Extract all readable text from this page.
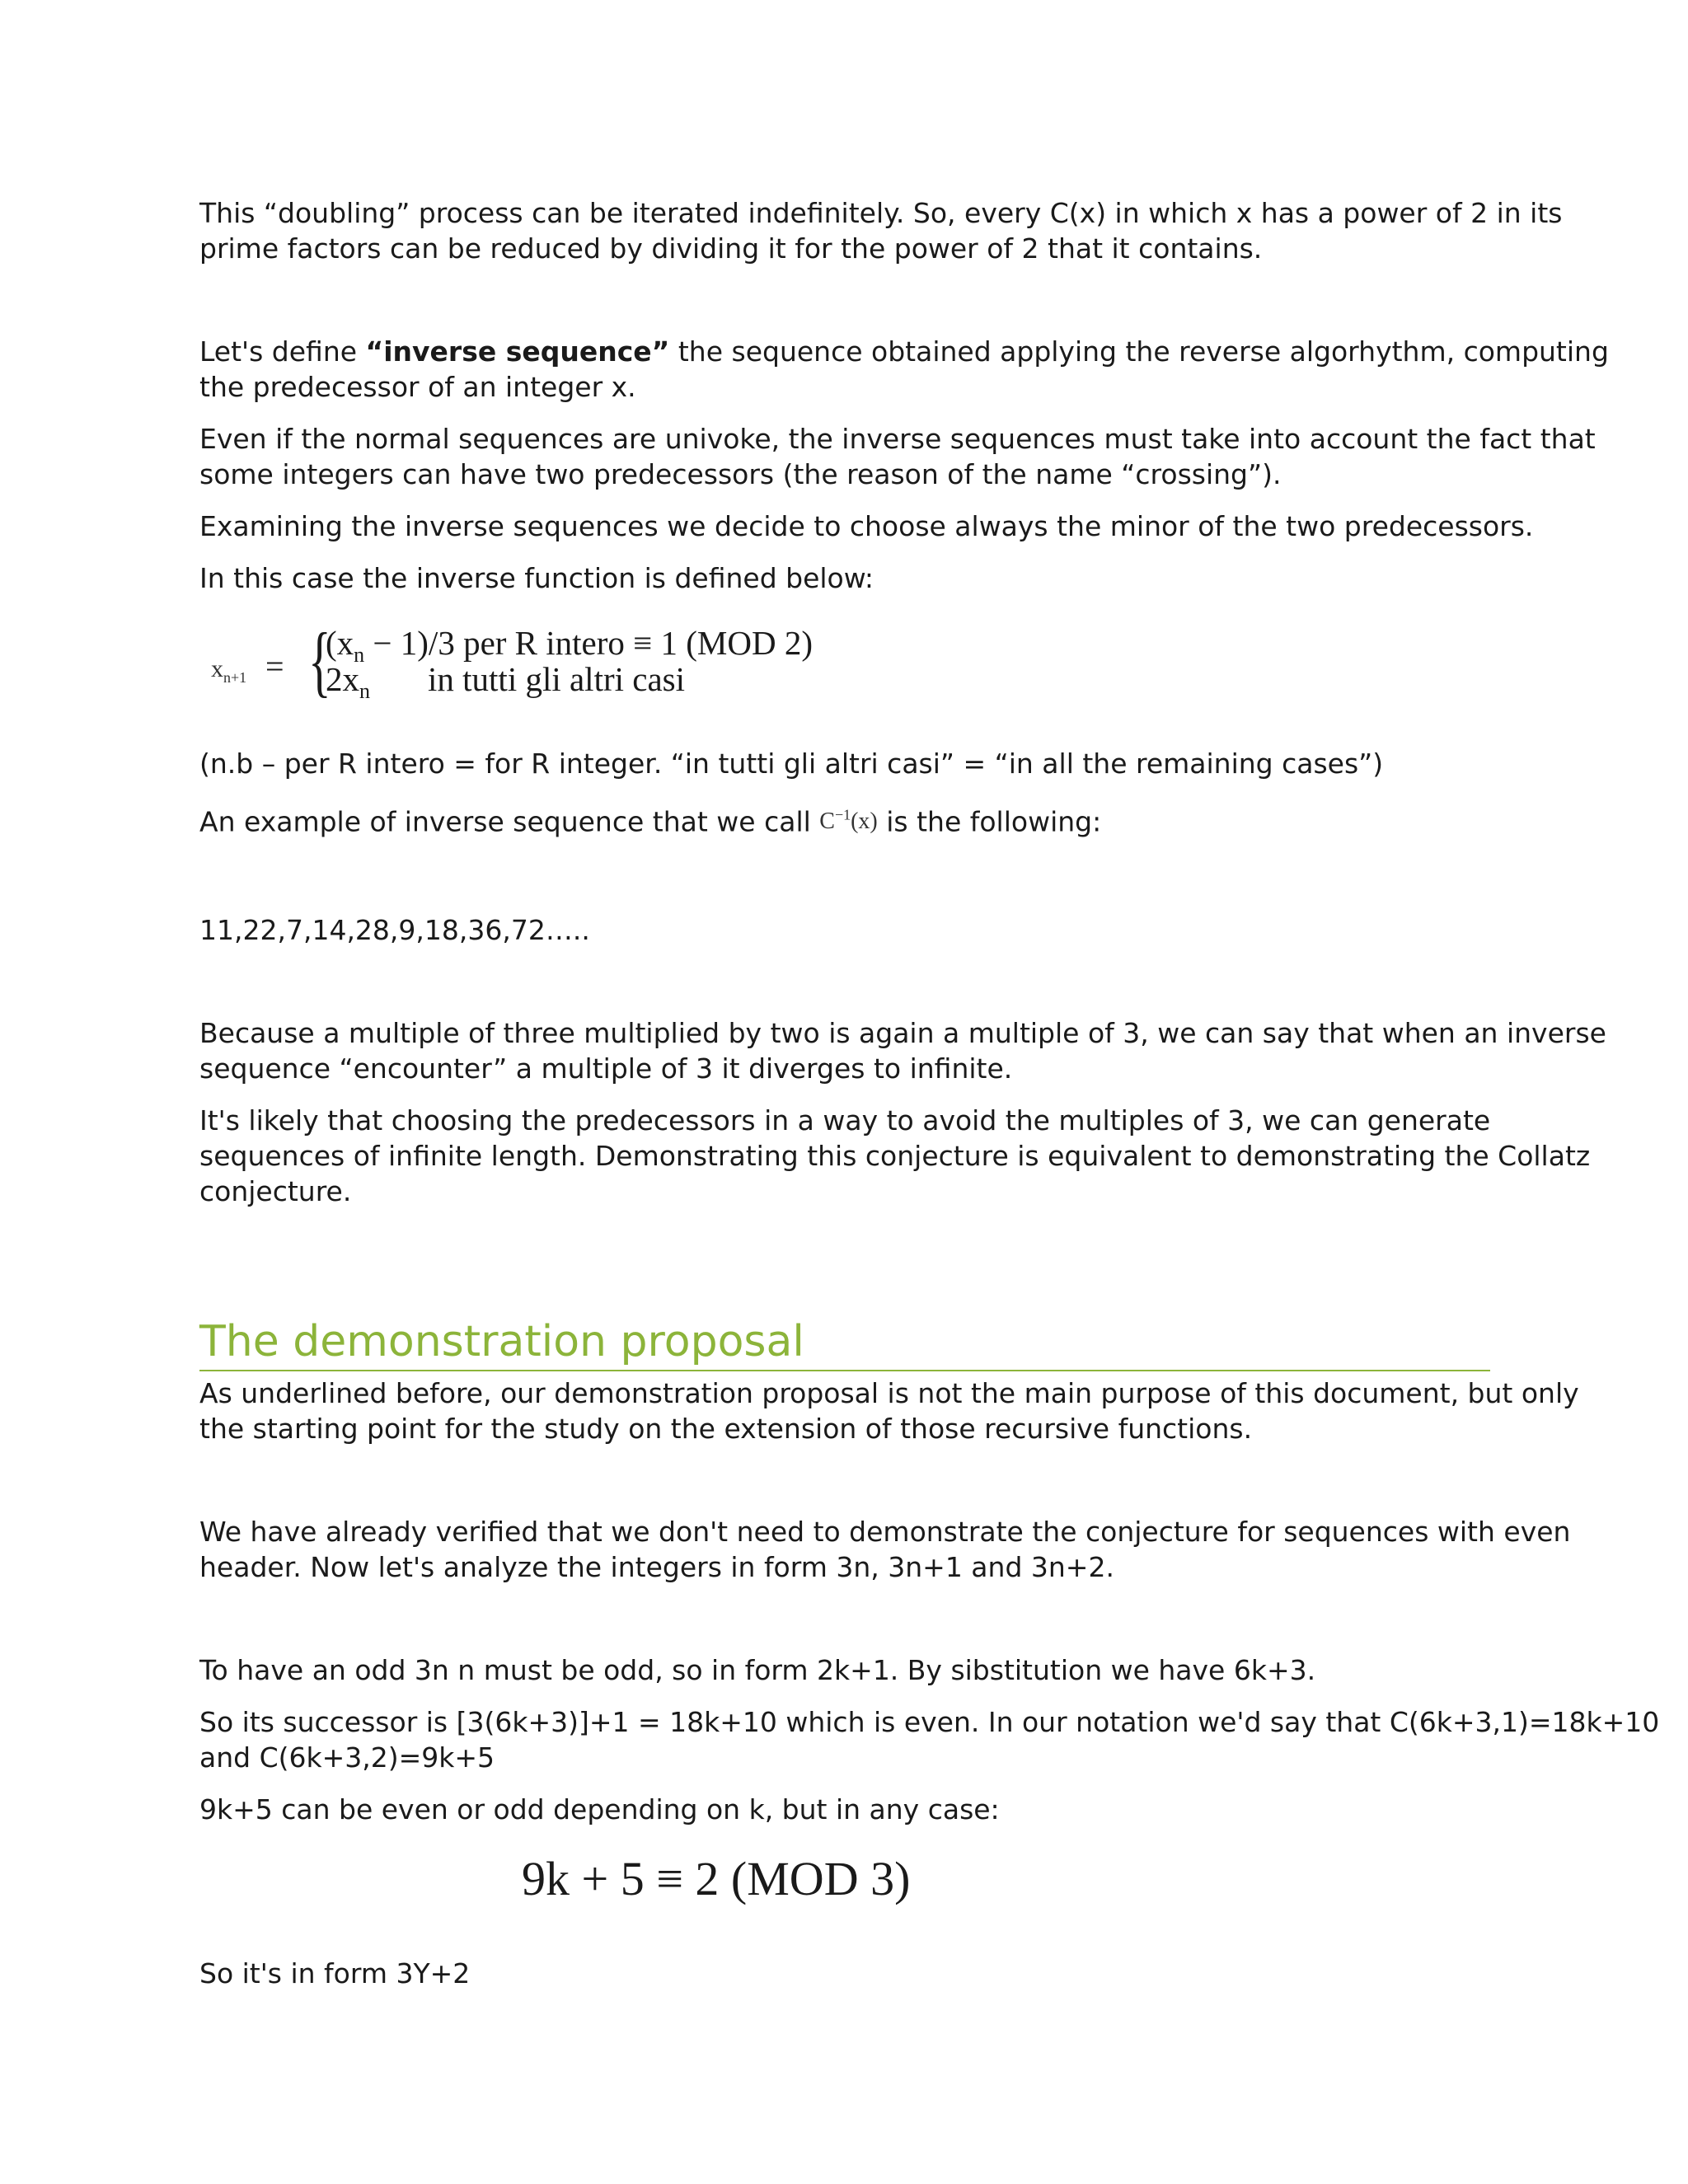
This “doubling” process can be iterated indefinitely. So, every C(x) in which x has a power of 2 in its

prime factors can be reduced by dividing it for the power of 2 that it contains.

Let's define “inverse sequence” the sequence obtained applying the reverse algorhythm, computing

the predecessor of an integer x.

Even if the normal sequences are univoke, the inverse sequences must take into account the fact that

some integers can have two predecessors (the reason of the name “crossing”).

Examining the inverse sequences we decide to choose always the minor of the two predecessors.

In this case the inverse function is defined below:

$x_{n+1}$ = {
$(x_n - 1)/3$ per R intero ≡ 1 (MOD 2)
$2x_n$ in tutti gli altri casi

(n.b – per R intero = for R integer. “in tutti gli altri casi” = “in all the remaining cases”)

An example of inverse sequence that we call $C^{-1}(x)$ is the following:

11,22,7,14,28,9,18,36,72…..

Because a multiple of three multiplied by two is again a multiple of 3, we can say that when an inverse

sequence “encounter” a multiple of 3 it diverges to infinite.

It's likely that choosing the predecessors in a way to avoid the multiples of 3, we can generate

sequences of infinite length. Demonstrating this conjecture is equivalent to demonstrating the Collatz

conjecture.

The demonstration proposal

As underlined before, our demonstration proposal is not the main purpose of this document, but only

the starting point for the study on the extension of those recursive functions.

We have already verified that we don't need to demonstrate the conjecture for sequences with even

header. Now let's analyze the integers in form 3n, 3n+1 and 3n+2.

To have an odd 3n n must be odd, so in form 2k+1. By sibstitution we have 6k+3.

So its successor is [3(6k+3)]+1 = 18k+10 which is even. In our notation we'd say that C(6k+3,1)=18k+10

and C(6k+3,2)=9k+5

9k+5 can be even or odd depending on k, but in any case:

9k + 5 ≡ 2 (MOD 3)

So it's in form 3Y+2
